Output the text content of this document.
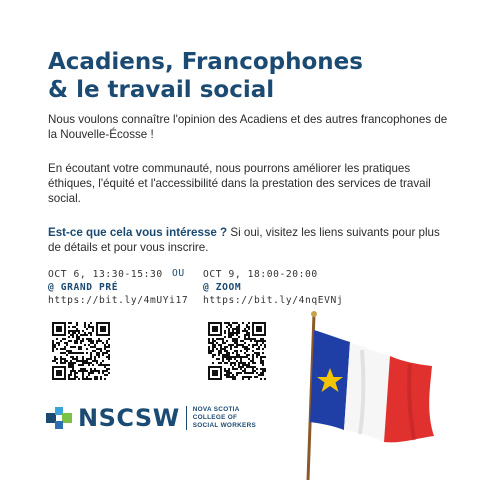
Acadiens, Francophones
& le travail social

Nous voulons connaître l'opinion des Acadiens et des autres francophones de la Nouvelle-Écosse !

En écoutant votre communauté, nous pourrons améliorer les pratiques éthiques, l'équité et l'accessibilité dans la prestation des services de travail social.

Est-ce que cela vous intéresse ? Si oui, visitez les liens suivants pour plus de détails et pour vous inscrire.

OCT 6, 13:30-15:30
@ GRAND PRÉ
https://bit.ly/4mUYi17
OU OCT 9, 18:00-20:00
@ ZOOM
https://bit.ly/4nqEVNj
NSCSW NOVA SCOTIA
COLLEGE OF
SOCIAL WORKERS
